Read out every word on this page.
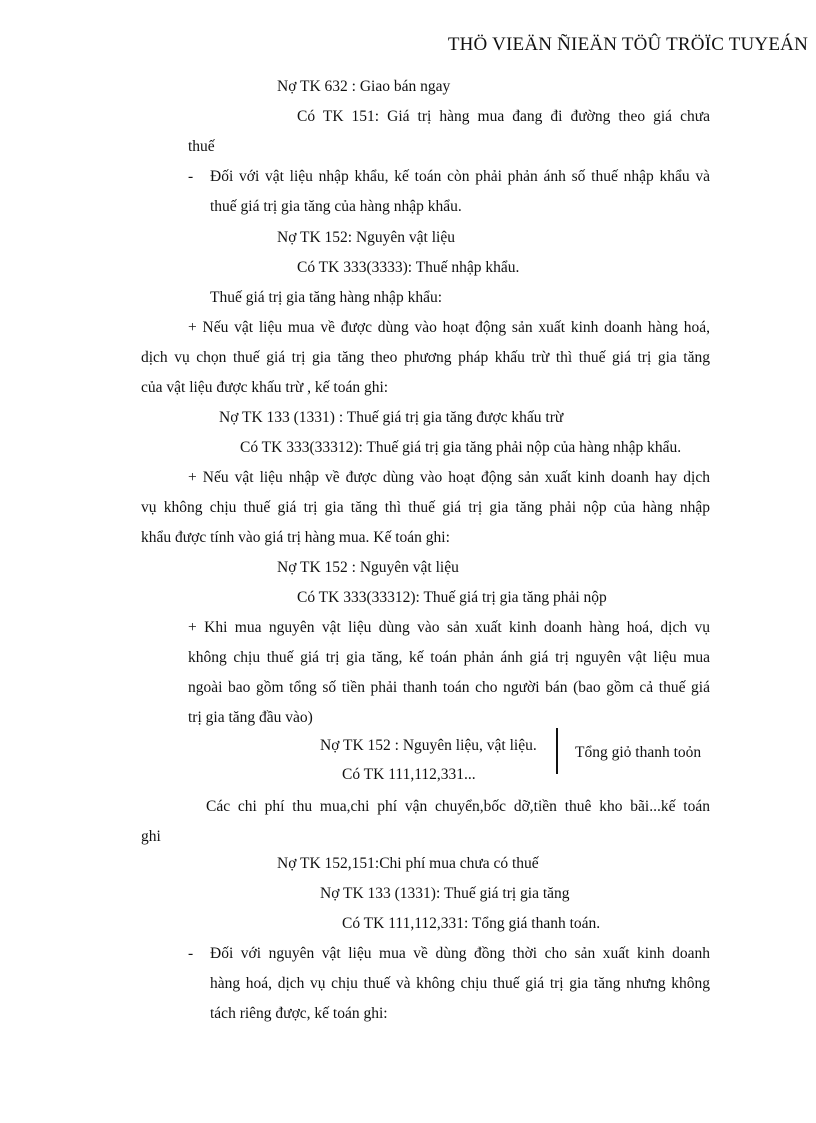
THÖ VIEÄN ÑIEÄN TÖÛ TRÖÏC TUYEÁN

Nợ TK 632 : Giao bán ngay

Có TK 151: Giá trị hàng mua đang đi đường theo giá chưa

thuế

- Đối với vật liệu nhập khẩu, kế toán còn phải phản ánh số thuế nhập khẩu và

thuế giá trị gia tăng của hàng nhập khẩu.

Nợ TK 152: Nguyên vật liệu

Có TK 333(3333): Thuế nhập khẩu.

Thuế giá trị gia tăng hàng nhập khẩu:

+ Nếu vật liệu mua về được dùng vào hoạt động sản xuất kinh doanh hàng hoá,

dịch vụ chọn thuế giá trị gia tăng theo phương pháp khấu trừ thì thuế giá trị gia tăng

của vật liệu được khấu trừ , kế toán ghi:

Nợ TK 133 (1331) : Thuế giá trị gia tăng được khấu trừ

Có TK 333(33312): Thuế giá trị gia tăng phải nộp của hàng nhập khẩu.

+ Nếu vật liệu nhập về được dùng vào hoạt động sản xuất kinh doanh hay dịch

vụ không chịu thuế giá trị gia tăng thì thuế giá trị gia tăng phải nộp của hàng nhập

khẩu được tính vào giá trị hàng mua. Kế toán ghi:

Nợ TK 152 : Nguyên vật liệu

Có TK 333(33312): Thuế giá trị gia tăng phải nộp

+ Khi mua nguyên vật liệu dùng vào sản xuất kinh doanh hàng hoá, dịch vụ

không chịu thuế giá trị gia tăng, kế toán phản ánh giá trị nguyên vật liệu mua

ngoài bao gồm tổng số tiền phải thanh toán cho người bán (bao gồm cả thuế giá

trị gia tăng đầu vào)

Nợ TK 152 : Nguyên liệu, vật liệu. Tổng giỏ thanh toỏn

Có TK 111,112,331...

Các chi phí thu mua,chi phí vận chuyển,bốc dỡ,tiền thuê kho bãi...kế toán

ghi

Nợ TK 152,151:Chi phí mua chưa có thuế

Nợ TK 133 (1331): Thuế giá trị gia tăng

Có TK 111,112,331: Tổng giá thanh toán.

- Đối với nguyên vật liệu mua về dùng đồng thời cho sản xuất kinh doanh

hàng hoá, dịch vụ chịu thuế và không chịu thuế giá trị gia tăng nhưng không

tách riêng được, kế toán ghi:
